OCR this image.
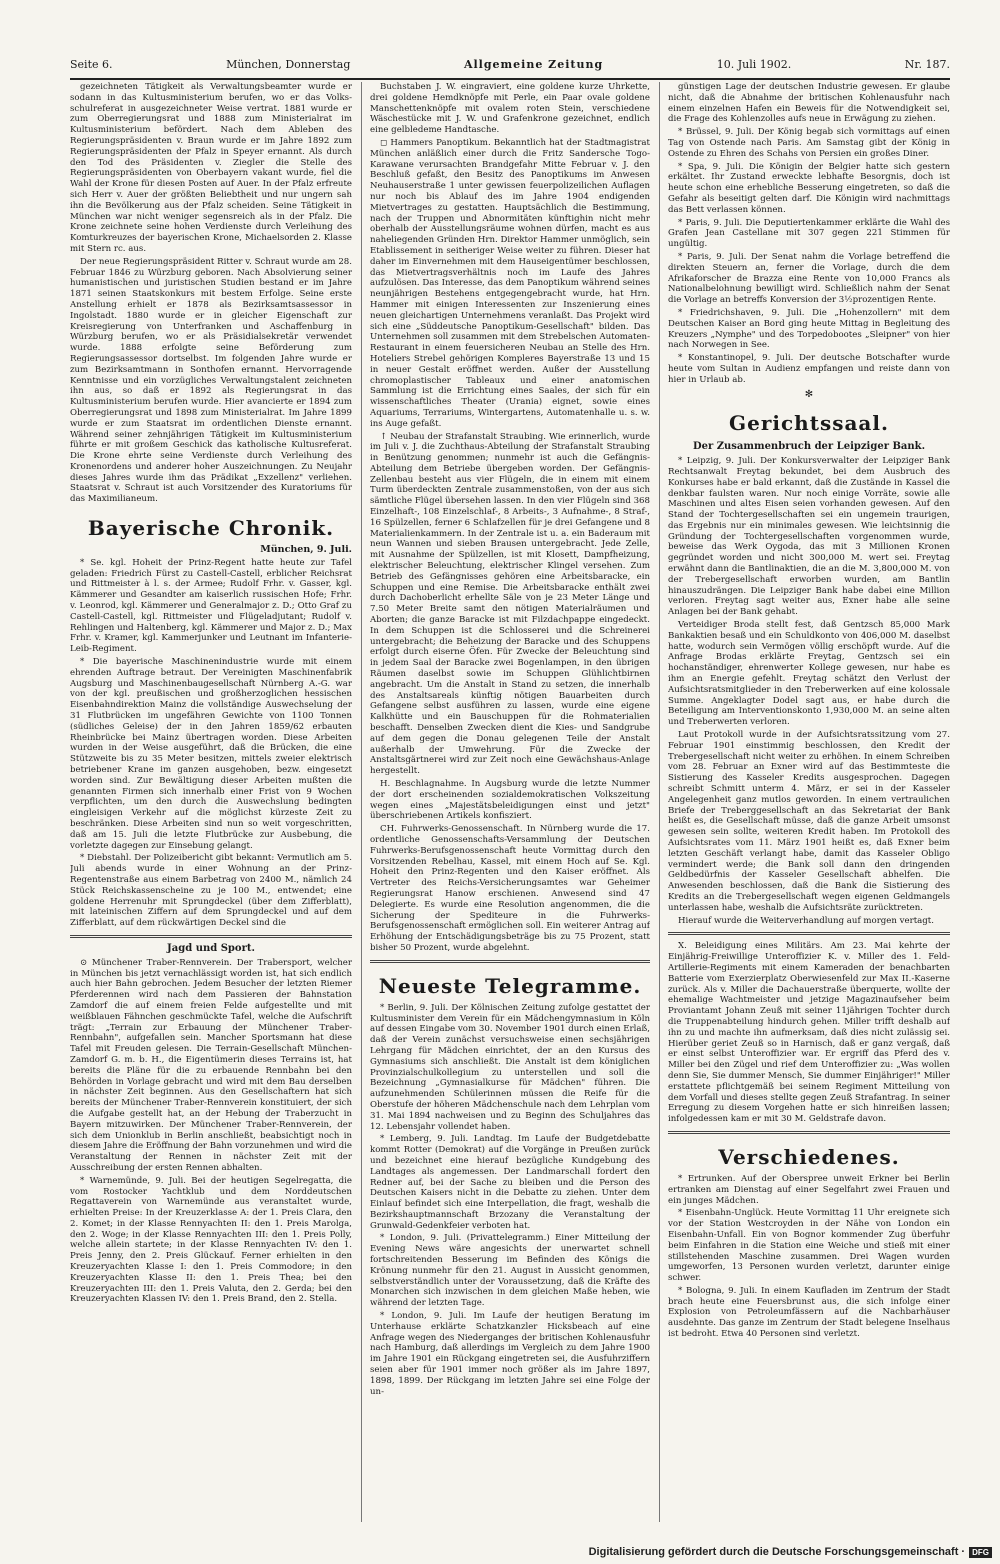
Seite 6.	München, Donnerstag	Allgemeine Zeitung	10. Juli 1902.	Nr. 187.

gezeichneten Tätigkeit als Verwaltungsbeamter wurde er sodann in das Kultusministerium berufen, wo er das Volks-schulreferat in ausgezeichneter Weise vertrat. 1881 wurde er zum Oberregierungsrat und 1888 zum Ministerialrat im Kultusministerium befördert. Nach dem Ableben des Regierungspräsidenten v. Braun wurde er im Jahre 1892 zum Regierungspräsidenten der Pfalz in Speyer ernannt. Als durch den Tod des Präsidenten v. Ziegler die Stelle des Regierungspräsidenten von Oberbayern vakant wurde, fiel die Wahl der Krone für diesen Posten auf Auer. In der Pfalz erfreute sich Herr v. Auer der größten Beliebtheit und nur ungern sah ihn die Bevölkerung aus der Pfalz scheiden. Seine Tätigkeit in München war nicht weniger segensreich als in der Pfalz. Die Krone zeichnete seine hohen Verdienste durch Verleihung des Komturkreuzes der bayerischen Krone, Michaelsorden 2. Klasse mit Stern rc. aus.

Der neue Regierungspräsident Ritter v. Schraut wurde am 28. Februar 1846 zu Würzburg geboren. Nach Absolvierung seiner humanistischen und juristischen Studien bestand er im Jahre 1871 seinen Staatskonkurs mit bestem Erfolge. Seine erste Anstellung erhielt er 1878 als Bezirksamtsassessor in Ingolstadt. 1880 wurde er in gleicher Eigenschaft zur Kreisregierung von Unterfranken und Aschaffenburg in Würzburg berufen, wo er als Präsidialsekretär verwendet wurde. 1888 erfolgte seine Beförderung zum Regierungsassessor dortselbst. Im folgenden Jahre wurde er zum Bezirksamtmann in Sonthofen ernannt. Hervorragende Kenntnisse und ein vorzügliches Verwaltungstalent zeichneten ihn aus, so daß er 1892 als Regierungsrat in das Kultusministerium berufen wurde. Hier avancierte er 1894 zum Oberregierungsrat und 1898 zum Ministerialrat. Im Jahre 1899 wurde er zum Staatsrat im ordentlichen Dienste ernannt. Während seiner zehnjährigen Tätigkeit im Kultusministerium führte er mit großem Geschick das katholische Kultusreferat. Die Krone ehrte seine Verdienste durch Verleihung des Kronenordens und anderer hoher Auszeichnungen. Zu Neujahr dieses Jahres wurde ihm das Prädikat „Exzellenz" verliehen. Staatsrat v. Schraut ist auch Vorsitzender des Kuratoriums für das Maximilianeum.

Bayerische Chronik.
München, 9. Juli.

* Se. kgl. Hoheit der Prinz-Regent hatte heute zur Tafel geladen: Friedrich Fürst zu Castell-Castell, erblicher Reichsrat und Rittmeister à l. s. der Armee; Rudolf Frhr. v. Gasser, kgl. Kämmerer und Gesandter am kaiserlich russischen Hofe; Frhr. v. Leonrod, kgl. Kämmerer und Generalmajor z. D.; Otto Graf zu Castell-Castell, kgl. Rittmeister und Flügeladjutant; Rudolf v. Rehlingen und Haltenberg, kgl. Kämmerer und Major z. D.; Max Frhr. v. Kramer, kgl. Kammerjunker und Leutnant im Infanterie-Leib-Regiment.

* Die bayerische Maschinenindustrie wurde mit einem ehrenden Auftrage betraut. Der Vereinigten Maschinenfabrik Augsburg und Maschinenbaugesellschaft Nürnberg A.-G. war von der kgl. preußischen und großherzoglichen hessischen Eisenbahndirektion Mainz die vollständige Auswechselung der 31 Flutbrücken im ungefähren Gewichte von 1100 Tonnen (südliches Geleise) der in den Jahren 1859/62 erbauten Rheinbrücke bei Mainz übertragen worden. Diese Arbeiten wurden in der Weise ausgeführt, daß die Brücken, die eine Stützweite bis zu 35 Meter besitzen, mittels zweier elektrisch betriebener Krane im ganzen ausgehoben, bezw. eingesetzt worden sind. Zur Bewältigung dieser Arbeiten mußten die genannten Firmen sich innerhalb einer Frist von 9 Wochen verpflichten, um den durch die Auswechslung bedingten eingleisigen Verkehr auf die möglichst kürzeste Zeit zu beschränken. Diese Arbeiten sind nun so weit vorgeschritten, daß am 15. Juli die letzte Flutbrücke zur Ausbebung, die vorletzte dagegen zur Einsebung gelangt.

* Diebstahl. Der Polizeibericht gibt bekannt: Vermutlich am 5. Juli abends wurde in einer Wohnung an der Prinz-Regentenstraße aus einem Barbetrag von 2400 M., nämlich 24 Stück Reichskassenscheine zu je 100 M., entwendet; eine goldene Herrenuhr mit Sprungdeckel (über dem Zifferblatt), mit lateinischen Ziffern auf dem Sprungdeckel und auf dem Zifferblatt, auf dem rückwärtigen Deckel sind die

Jagd und Sport.

⊙ Münchener Traber-Rennverein. Der Trabersport, welcher in München bis jetzt vernachlässigt worden ist, hat sich endlich auch hier Bahn gebrochen. Jedem Besucher der letzten Riemer Pferderennen wird nach dem Passieren der Bahnstation Zamdorf die auf einem freien Felde aufgestellte und mit weißblauen Fähnchen geschmückte Tafel, welche die Aufschrift trägt: „Terrain zur Erbauung der Münchener Traber-Rennbahn", aufgefallen sein. Mancher Sportsmann hat diese Tafel mit Freuden gelesen. Die Terrain-Gesellschaft München-Zamdorf G. m. b. H., die Eigentümerin dieses Terrains ist, hat bereits die Pläne für die zu erbauende Rennbahn bei den Behörden in Vorlage gebracht und wird mit dem Bau derselben in nächster Zeit beginnen. Aus den Gesellschaftern hat sich bereits der Münchener Traber-Rennverein konstituiert, der sich die Aufgabe gestellt hat, an der Hebung der Traberzucht in Bayern mitzuwirken. Der Münchener Traber-Rennverein, der sich dem Unionklub in Berlin anschließt, beabsichtigt noch in diesem Jahre die Eröffnung der Bahn vorzunehmen und wird die Veranstaltung der Rennen in nächster Zeit mit der Ausschreibung der ersten Rennen abhalten.

* Warnemünde, 9. Juli. Bei der heutigen Segelregatta, die vom Rostocker Yachtklub und dem Norddeutschen Regattaverein von Warnemünde aus veranstaltet wurde, erhielten Preise: In der Kreuzerklasse A: der 1. Preis Clara, den 2. Komet; in der Klasse Rennyachten II: den 1. Preis Marolga, den 2. Woge; in der Klasse Rennyachten III: den 1. Preis Polly, welche allein startete; in der Klasse Rennyachten IV: den 1. Preis Jenny, den 2. Preis Glückauf. Ferner erhielten in den Kreuzeryachten Klasse I: den 1. Preis Commodore; in den Kreuzeryachten Klasse II: den 1. Preis Thea; bei den Kreuzeryachten III: den 1. Preis Valuta, den 2. Gerda; bei den Kreuzeryachten Klassen IV: den 1. Preis Brand, den 2. Stella.

Buchstaben J. W. eingraviert, eine goldene kurze Uhrkette, drei goldene Hemdknöpfe mit Perle, ein Paar ovale goldene Manschettenknöpfe mit ovalem roten Stein, verschiedene Wäschestücke mit J. W. und Grafenkrone gezeichnet, endlich eine gelbledeme Handtasche.

◻ Hammers Panoptikum. Bekanntlich hat der Stadtmagistrat München anläßlich einer durch die Fritz Sandersche Togo-Karawane verursachten Brandgefahr Mitte Februar v. J. den Beschluß gefaßt, den Besitz des Panoptikums im Anwesen Neuhauserstraße 1 unter gewissen feuerpolizeilichen Auflagen nur noch bis Ablauf des im Jahre 1904 endigenden Mietvertrages zu gestatten. Hauptsächlich die Bestimmung, nach der Truppen und Abnormitäten künftighin nicht mehr oberhalb der Ausstellungsräume wohnen dürfen, macht es aus naheliegenden Gründen Hrn. Direktor Hammer unmöglich, sein Etablissement in seitheriger Weise weiter zu führen. Dieser hat daher im Einvernehmen mit dem Hauseigentümer beschlossen, das Mietvertragsverhältnis noch im Laufe des Jahres aufzulösen. Das Interesse, das dem Panoptikum während seines neunjährigen Bestehens entgegengebracht wurde, hat Hrn. Hammer mit einigen Interessenten zur Inszenierung eines neuen gleichartigen Unternehmens veranlaßt. Das Projekt wird sich eine „Süddeutsche Panoptikum-Gesellschaft" bilden. Das Unternehmen soll zusammen mit dem Strebelschen Automaten-Restaurant in einem feuersicheren Neubau an Stelle des Hrn. Hoteliers Strebel gehörigen Kompleres Bayerstraße 13 und 15 in neuer Gestalt eröffnet werden. Außer der Ausstellung chromoplastischer Tableaux und einer anatomischen Sammlung ist die Errichtung eines Saales, der sich für ein wissenschaftliches Theater (Urania) eignet, sowie eines Aquariums, Terrariums, Wintergartens, Automatenhalle u. s. w. ins Auge gefaßt.

↑ Neubau der Strafanstalt Straubing. Wie erinnerlich, wurde im Juli v. J. die Zuchthaus-Abteilung der Strafanstalt Straubing in Benützung genommen; nunmehr ist auch die Gefängnis-Abteilung dem Betriebe übergeben worden. Der Gefängnis-Zellenbau besteht aus vier Flügeln, die in einem mit einem Turm überdeckten Zentrale zusammenstoßen, von der aus sich sämtliche Flügel übersehen lassen. In den vier Flügeln sind 368 Einzelhaft-, 108 Einzelschlaf-, 8 Arbeits-, 3 Aufnahme-, 8 Straf-, 16 Spülzellen, ferner 6 Schlafzellen für je drei Gefangene und 8 Materialienkammern. In der Zentrale ist u. a. ein Baderaum mit neun Wannen und sieben Brausen untergebracht. Jede Zelle, mit Ausnahme der Spülzellen, ist mit Klosett, Dampfheizung, elektrischer Beleuchtung, elektrischer Klingel versehen. Zum Betrieb des Gefängnisses gehören eine Arbeitsbaracke, ein Schuppen und eine Remise. Die Arbeitsbaracke enthält zwei durch Dachoberlicht erhellte Säle von je 23 Meter Länge und 7.50 Meter Breite samt den nötigen Materialräumen und Aborten; die ganze Baracke ist mit Filzdachpappe eingedeckt. In dem Schuppen ist die Schlosserei und die Schreinerei untergebracht; die Beheizung der Baracke und des Schuppens erfolgt durch eiserne Öfen. Für Zwecke der Beleuchtung sind in jedem Saal der Baracke zwei Bogenlampen, in den übrigen Räumen daselbst sowie im Schuppen Glühlichtbirnen angebracht. Um die Anstalt in Stand zu setzen, die innerhalb des Anstaltsareals künftig nötigen Bauarbeiten durch Gefangene selbst ausführen zu lassen, wurde eine eigene Kalkhütte und ein Bauschuppen für die Rohmaterialien beschafft. Denselben Zwecken dient die Kies- und Sandgrube auf dem gegen die Donau gelegenen Teile der Anstalt außerhalb der Umwehrung. Für die Zwecke der Anstaltsgärtnerei wird zur Zeit noch eine Gewächshaus-Anlage hergestellt.

H. Beschlagnahme. In Augsburg wurde die letzte Nummer der dort erscheinenden sozialdemokratischen Volkszeitung wegen eines „Majestätsbeleidigungen einst und jetzt" überschriebenen Artikels konfisziert.

CH. Fuhrwerks-Genossenschaft. In Nürnberg wurde die 17. ordentliche Genossenschafts-Versammlung der Deutschen Fuhrwerks-Berufsgenossenschaft heute Vormittag durch den Vorsitzenden Rebelhau, Kassel, mit einem Hoch auf Se. Kgl. Hoheit den Prinz-Regenten und den Kaiser eröffnet. Als Vertreter des Reichs-Versicherungsamtes war Geheimer Regierungsrat Hanow erschienen. Anwesend sind 47 Delegierte. Es wurde eine Resolution angenommen, die die Sicherung der Spediteure in die Fuhrwerks-Berufsgenossenschaft ermöglichen soll. Ein weiterer Antrag auf Erhöhung der Entschädigungsbeträge bis zu 75 Prozent, statt bisher 50 Prozent, wurde abgelehnt.

Neueste Telegramme.

* Berlin, 9. Juli. Der Kölnischen Zeitung zufolge gestattet der Kultusminister dem Verein für ein Mädchengymnasium in Köln auf dessen Eingabe vom 30. November 1901 durch einen Erlaß, daß der Verein zunächst versuchsweise einen sechsjährigen Lehrgang für Mädchen einrichtet, der an den Kursus des Gymnasiums sich anschließt. Die Anstalt ist dem königlichen Provinzialschulkollegium zu unterstellen und soll die Bezeichnung „Gymnasialkurse für Mädchen" führen. Die aufzunehmenden Schülerinnen müssen die Reife für die Oberstufe der höheren Mädchenschule nach dem Lehrplan vom 31. Mai 1894 nachweisen und zu Beginn des Schuljahres das 12. Lebensjahr vollendet haben.

* Lemberg, 9. Juli. Landtag. Im Laufe der Budgetdebatte kommt Rotter (Demokrat) auf die Vorgänge in Preußen zurück und bezeichnet eine hierauf bezügliche Kundgebung des Landtages als angemessen. Der Landmarschall fordert den Redner auf, bei der Sache zu bleiben und die Person des Deutschen Kaisers nicht in die Debatte zu ziehen. Unter dem Einlauf befindet sich eine Interpellation, die fragt, weshalb die Bezirkshauptmannschaft Brzozany die Veranstaltung der Grunwald-Gedenkfeier verboten hat.

* London, 9. Juli. (Privattelegramm.) Einer Mitteilung der Evening News wäre angesichts der unerwartet schnell fortschreitenden Besserung im Befinden des Königs die Krönung nunmehr für den 21. August in Aussicht genommen, selbstverständlich unter der Voraussetzung, daß die Kräfte des Monarchen sich inzwischen in dem gleichen Maße heben, wie während der letzten Tage.

* London, 9. Juli. Im Laufe der heutigen Beratung im Unterhause erklärte Schatzkanzler Hicksbeach auf eine Anfrage wegen des Niederganges der britischen Kohlenausfuhr nach Hamburg, daß allerdings im Vergleich zu dem Jahre 1900 im Jahre 1901 ein Rückgang eingetreten sei, die Ausfuhrziffern seien aber für 1901 immer noch größer als im Jahre 1897, 1898, 1899. Der Rückgang im letzten Jahre sei eine Folge der un-

günstigen Lage der deutschen Industrie gewesen. Er glaube nicht, daß die Abnahme der britischen Kohlenausfuhr nach einem einzelnen Hafen ein Beweis für die Notwendigkeit sei, die Frage des Kohlenzolles aufs neue in Erwägung zu ziehen.

* Brüssel, 9. Juli. Der König begab sich vormittags auf einen Tag von Ostende nach Paris. Am Samstag gibt der König in Ostende zu Ehren des Schahs von Persien ein großes Diner.

* Spa, 9. Juli. Die Königin der Belgier hatte sich gestern erkältet. Ihr Zustand erweckte lebhafte Besorgnis, doch ist heute schon eine erhebliche Besserung eingetreten, so daß die Gefahr als beseitigt gelten darf. Die Königin wird nachmittags das Bett verlassen können.

* Paris, 9. Juli. Die Deputiertenkammer erklärte die Wahl des Grafen Jean Castellane mit 307 gegen 221 Stimmen für ungültig.

* Paris, 9. Juli. Der Senat nahm die Vorlage betreffend die direkten Steuern an, ferner die Vorlage, durch die dem Afrikaforscher de Brazza eine Rente von 10,000 Francs als Nationalbelohnung bewilligt wird. Schließlich nahm der Senat die Vorlage an betreffs Konversion der 3½prozentigen Rente.

* Friedrichshaven, 9. Juli. Die „Hohenzollern" mit dem Deutschen Kaiser an Bord ging heute Mittag in Begleitung des Kreuzers „Nymphe" und des Torpedobootes „Sleipner" von hier nach Norwegen in See.

* Konstantinopel, 9. Juli. Der deutsche Botschafter wurde heute vom Sultan in Audienz empfangen und reiste dann von hier in Urlaub ab.

✻
Gerichtssaal.
Der Zusammenbruch der Leipziger Bank.

* Leipzig, 9. Juli. Der Konkursverwalter der Leipziger Bank Rechtsanwalt Freytag bekundet, bei dem Ausbruch des Konkurses habe er bald erkannt, daß die Zustände in Kassel die denkbar faulsten waren. Nur noch einige Vorräte, sowie alle Maschinen und altes Eisen seien vorhanden gewesen. Auf den Stand der Tochtergesellschaften sei ein ungemein traurigen, das Ergebnis nur ein minimales gewesen. Wie leichtsinnig die Gründung der Tochtergesellschaften vorgenommen wurde, beweise das Werk Oygoda, das mit 3 Millionen Kronen gegründet worden und nicht 300,000 M. wert sei. Freytag erwähnt dann die Bantlinaktien, die an die M. 3,800,000 M. von der Trebergesellschaft erworben wurden, am Bantlin hinauszudrängen. Die Leipziger Bank habe dabei eine Million verloren. Freytag sagt weiter aus, Exner habe alle seine Anlagen bei der Bank gehabt.

Verteidiger Broda stellt fest, daß Gentzsch 85,000 Mark Bankaktien besaß und ein Schuldkonto von 406,000 M. daselbst hatte, wodurch sein Vermögen völlig erschöpft wurde. Auf die Anfrage Brodas erklärte Freytag, Gentzsch sei ein hochanständiger, ehrenwerter Kollege gewesen, nur habe es ihm an Energie gefehlt. Freytag schätzt den Verlust der Aufsichtsratsmitglieder in den Treberwerken auf eine kolossale Summe. Angeklagter Dodel sagt aus, er habe durch die Beteiligung am Interventionskonto 1,930,000 M. an seine alten und Treberwerten verloren.

Laut Protokoll wurde in der Aufsichtsratssitzung vom 27. Februar 1901 einstimmig beschlossen, den Kredit der Trebergesellschaft nicht weiter zu erhöhen. In einem Schreiben vom 28. Februar an Exner wird auf das Bestimmteste die Sistierung des Kasseler Kredits ausgesprochen. Dagegen schreibt Schmitt unterm 4. März, er sei in der Kasseler Angelegenheit ganz mutlos geworden. In einem vertraulichen Briefe der Treberggesellschaft an das Sekretariat der Bank heißt es, die Gesellschaft müsse, daß die ganze Arbeit umsonst gewesen sein sollte, weiteren Kredit haben. Im Protokoll des Aufsichtsrates vom 11. März 1901 heißt es, daß Exner beim letzten Geschäft verlangt habe, damit das Kasseler Obligo vermindert werde; die Bank soll dann den dringenden Geldbedürfnis der Kasseler Gesellschaft abhelfen. Die Anwesenden beschlossen, daß die Bank die Sistierung des Kredits an die Trebergesellschaft wegen eigenen Geldmangels unterlassen habe, weshalb die Aufsichtsräte zurücktreten.

Hierauf wurde die Weiterverhandlung auf morgen vertagt.

X. Beleidigung eines Militärs. Am 23. Mai kehrte der Einjährig-Freiwillige Unteroffizier K. v. Miller des 1. Feld-Artillerie-Regiments mit einem Kameraden der benachbarten Batterie vom Exerzierplatz Oberwiesenfeld zur Max II.-Kaserne zurück. Als v. Miller die Dachauerstraße überquerte, wollte der ehemalige Wachtmeister und jetzige Magazinaufseher beim Proviantamt Johann Zeuß mit seiner 11jährigen Tochter durch die Truppenabteilung hindurch gehen. Miller trifft deshalb auf ihn zu und machte ihn aufmerksam, daß dies nicht zulässig sei. Hierüber geriet Zeuß so in Harnisch, daß er ganz vergaß, daß er einst selbst Unteroffizier war. Er ergriff das Pferd des v. Miller bei den Zügel und rief dem Unteroffizier zu: „Was wollen denn Sie, Sie dummer Mensch, Sie dummer Einjähriger!" Miller erstattete pflichtgemäß bei seinem Regiment Mitteilung von dem Vorfall und dieses stellte gegen Zeuß Strafantrag. In seiner Erregung zu diesem Vorgehen hatte er sich hinreißen lassen; infolgedessen kam er mit 30 M. Geldstrafe davon.

Verschiedenes.

* Ertrunken. Auf der Oberspree unweit Erkner bei Berlin ertranken am Dienstag auf einer Segelfahrt zwei Frauen und ein junges Mädchen.

* Eisenbahn-Unglück. Heute Vormittag 11 Uhr ereignete sich vor der Station Westcroyden in der Nähe von London ein Eisenbahn-Unfall. Ein von Bognor kommender Zug überfuhr beim Einfahren in die Station eine Weiche und stieß mit einer stillstehenden Maschine zusammen. Drei Wagen wurden umgeworfen, 13 Personen wurden verletzt, darunter einige schwer.

* Bologna, 9. Juli. In einem Kaufladen im Zentrum der Stadt brach heute eine Feuersbrunst aus, die sich infolge einer Explosion von Petroleumfässern auf die Nachbarhäuser ausdehnte. Das ganze im Zentrum der Stadt belegene Inselhaus ist bedroht. Etwa 40 Personen sind verletzt.

Digitalisierung gefördert durch die Deutsche Forschungsgemeinschaft · DFG
